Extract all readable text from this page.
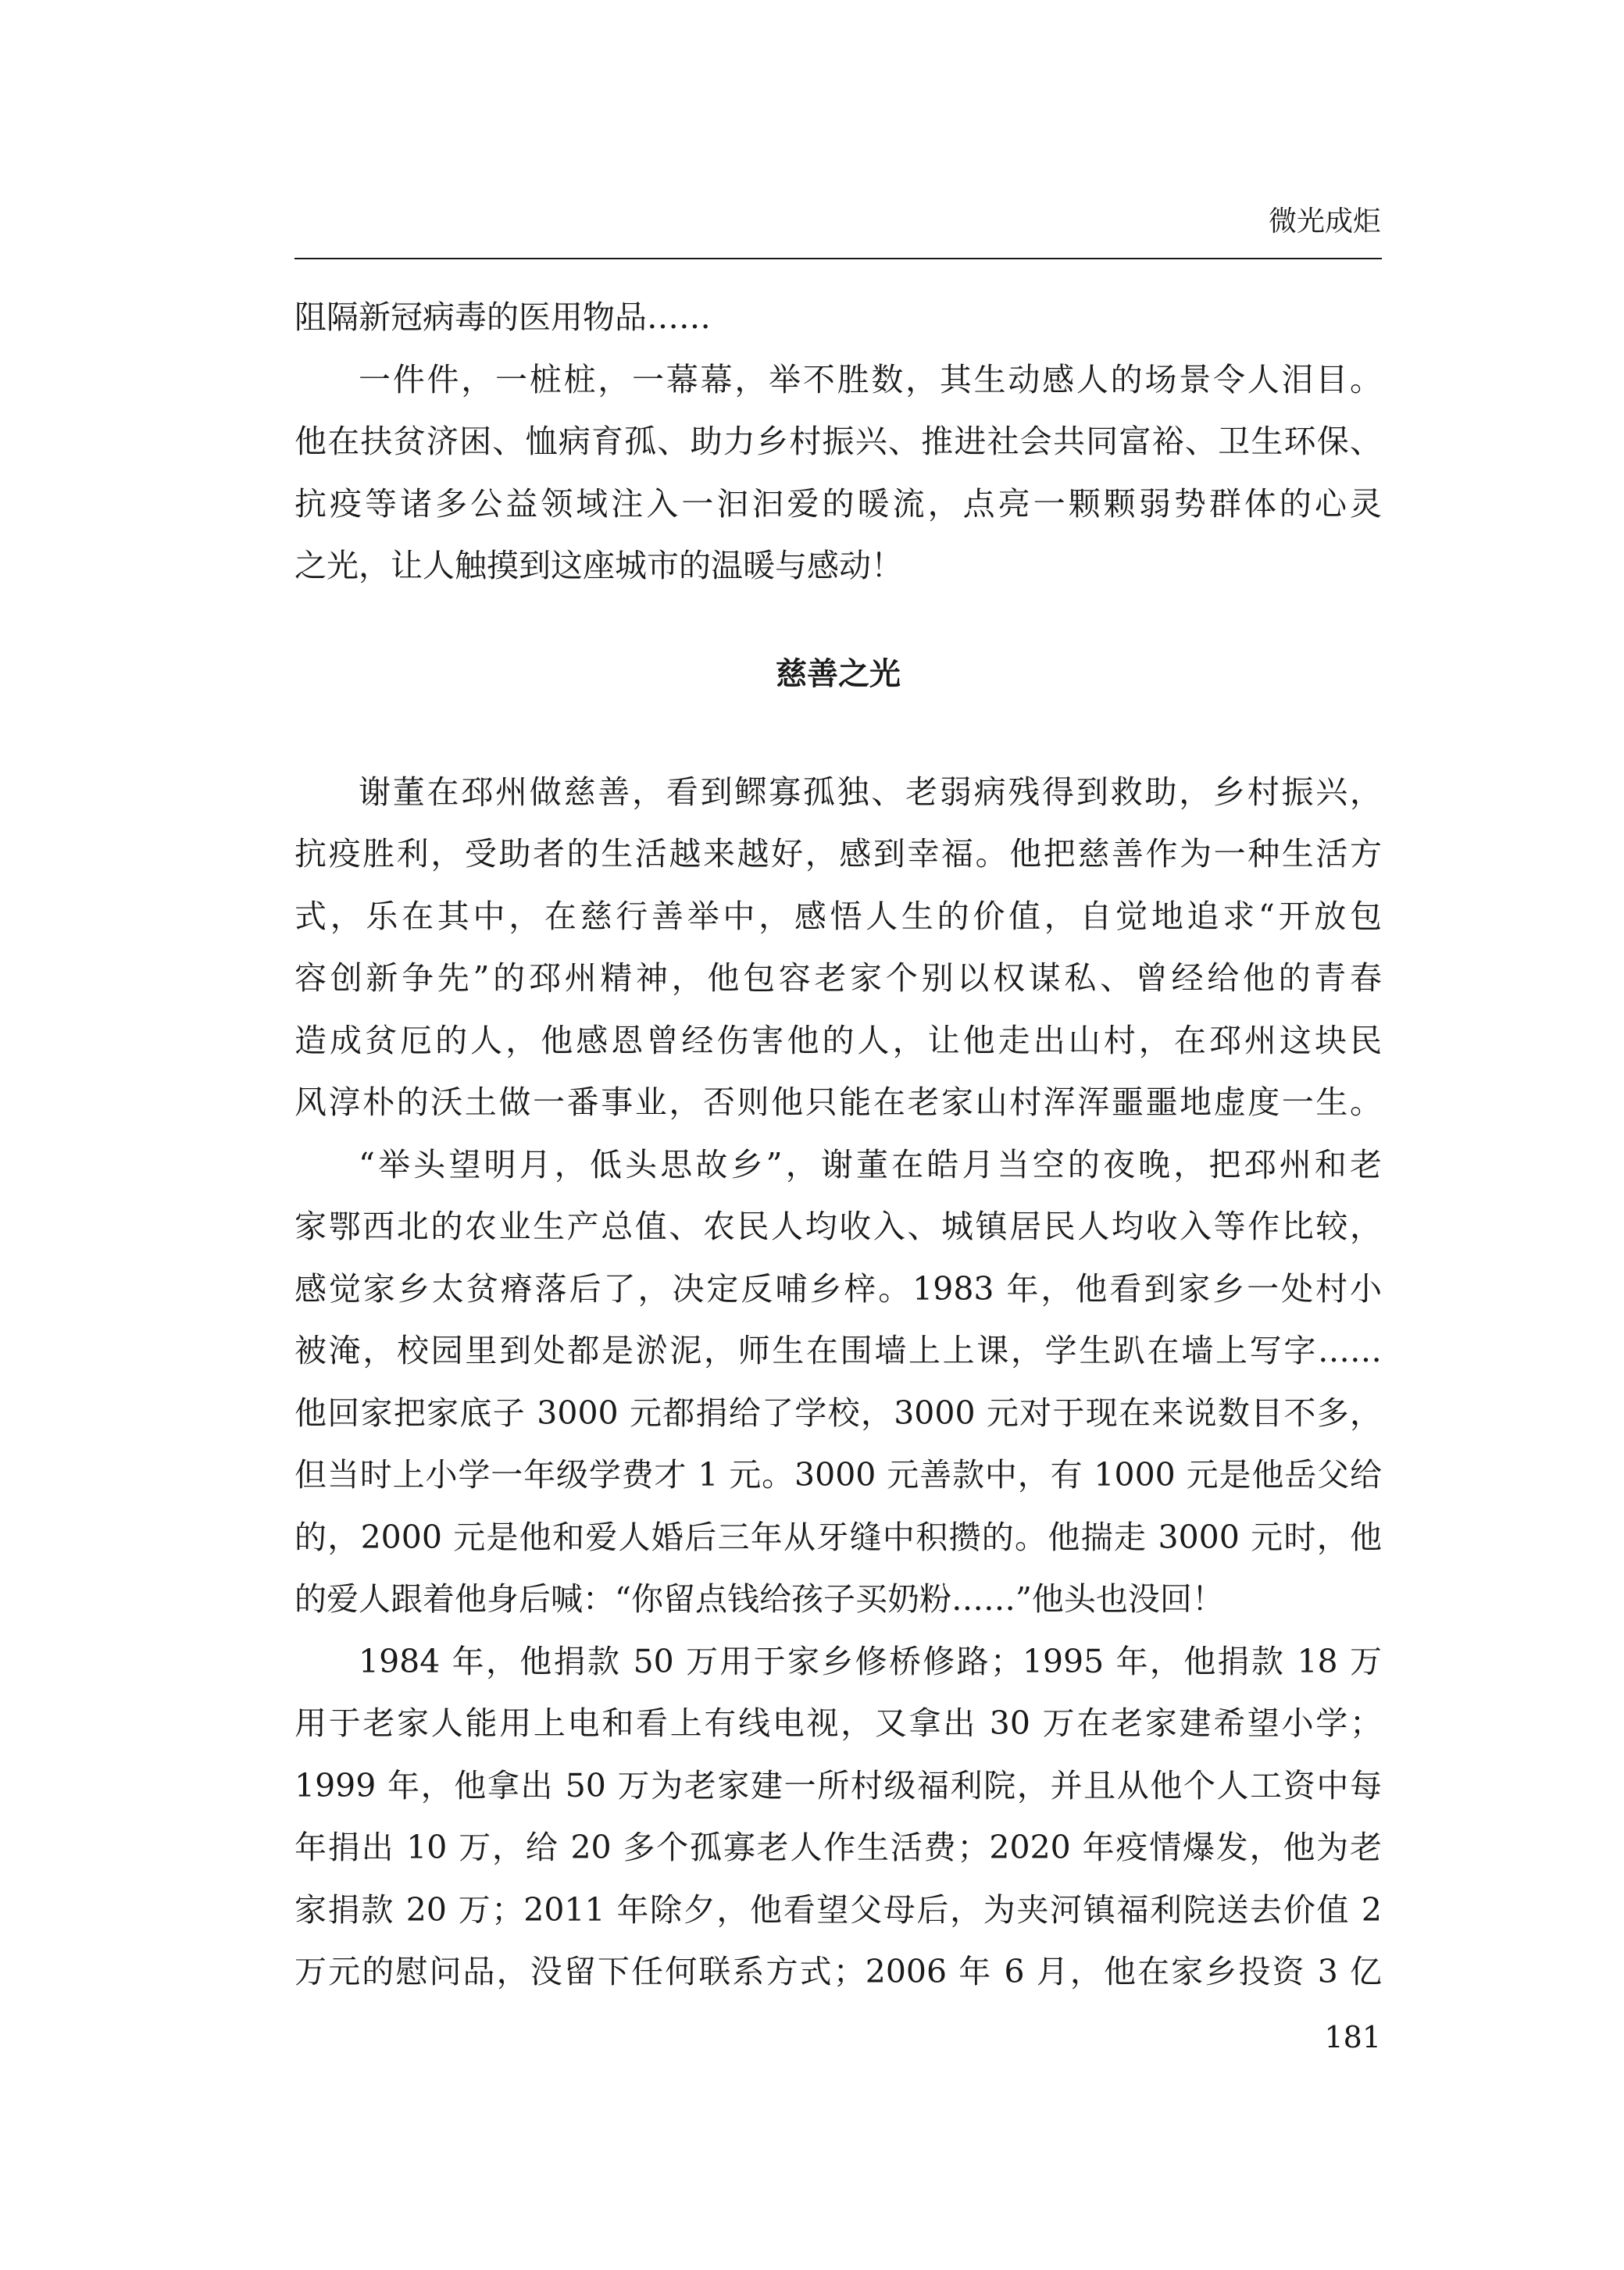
微光成炬
阻隔新冠病毒的医用物品……
一件件，一桩桩，一幕幕，举不胜数，其生动感人的场景令人泪目。
他在扶贫济困、恤病育孤、助力乡村振兴、推进社会共同富裕、卫生环保、
抗疫等诸多公益领域注入一汩汩爱的暖流，点亮一颗颗弱势群体的心灵
之光，让人触摸到这座城市的温暖与感动！
慈善之光
谢董在邳州做慈善，看到鳏寡孤独、老弱病残得到救助，乡村振兴，
抗疫胜利，受助者的生活越来越好，感到幸福。他把慈善作为一种生活方
式，乐在其中，在慈行善举中，感悟人生的价值，自觉地追求“开放包
容创新争先”的邳州精神，他包容老家个别以权谋私、曾经给他的青春
造成贫厄的人，他感恩曾经伤害他的人，让他走出山村，在邳州这块民
风淳朴的沃土做一番事业，否则他只能在老家山村浑浑噩噩地虚度一生。
“举头望明月，低头思故乡”，谢董在皓月当空的夜晚，把邳州和老
家鄂西北的农业生产总值、农民人均收入、城镇居民人均收入等作比较，
感觉家乡太贫瘠落后了，决定反哺乡梓。1983 年，他看到家乡一处村小
被淹，校园里到处都是淤泥，师生在围墙上上课，学生趴在墙上写字……
他回家把家底子 3000 元都捐给了学校，3000 元对于现在来说数目不多，
但当时上小学一年级学费才 1 元。3000 元善款中，有 1000 元是他岳父给
的，2000 元是他和爱人婚后三年从牙缝中积攒的。他揣走 3000 元时，他
的爱人跟着他身后喊：“你留点钱给孩子买奶粉……”他头也没回！
1984 年，他捐款 50 万用于家乡修桥修路；1995 年，他捐款 18 万
用于老家人能用上电和看上有线电视，又拿出 30 万在老家建希望小学；
1999 年，他拿出 50 万为老家建一所村级福利院，并且从他个人工资中每
年捐出 10 万，给 20 多个孤寡老人作生活费；2020 年疫情爆发，他为老
家捐款 20 万；2011 年除夕，他看望父母后，为夹河镇福利院送去价值 2
万元的慰问品，没留下任何联系方式；2006 年 6 月，他在家乡投资 3 亿
181
